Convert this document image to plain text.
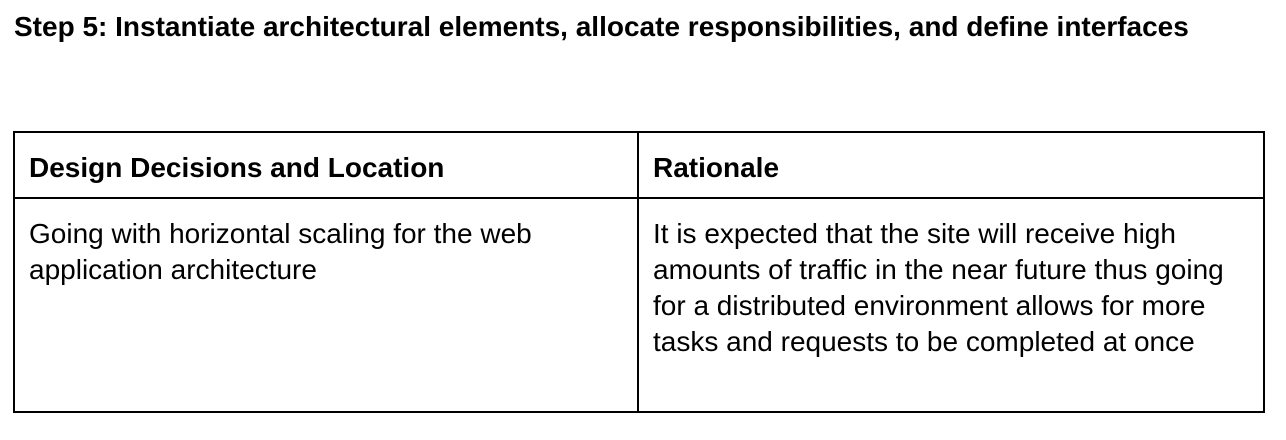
Step 5: Instantiate architectural elements, allocate responsibilities, and define interfaces
Design Decisions and Location	Rationale
Going with horizontal scaling for the web application architecture	It is expected that the site will receive high amounts of traffic in the near future thus going for a distributed environment allows for more tasks and requests to be completed at once
